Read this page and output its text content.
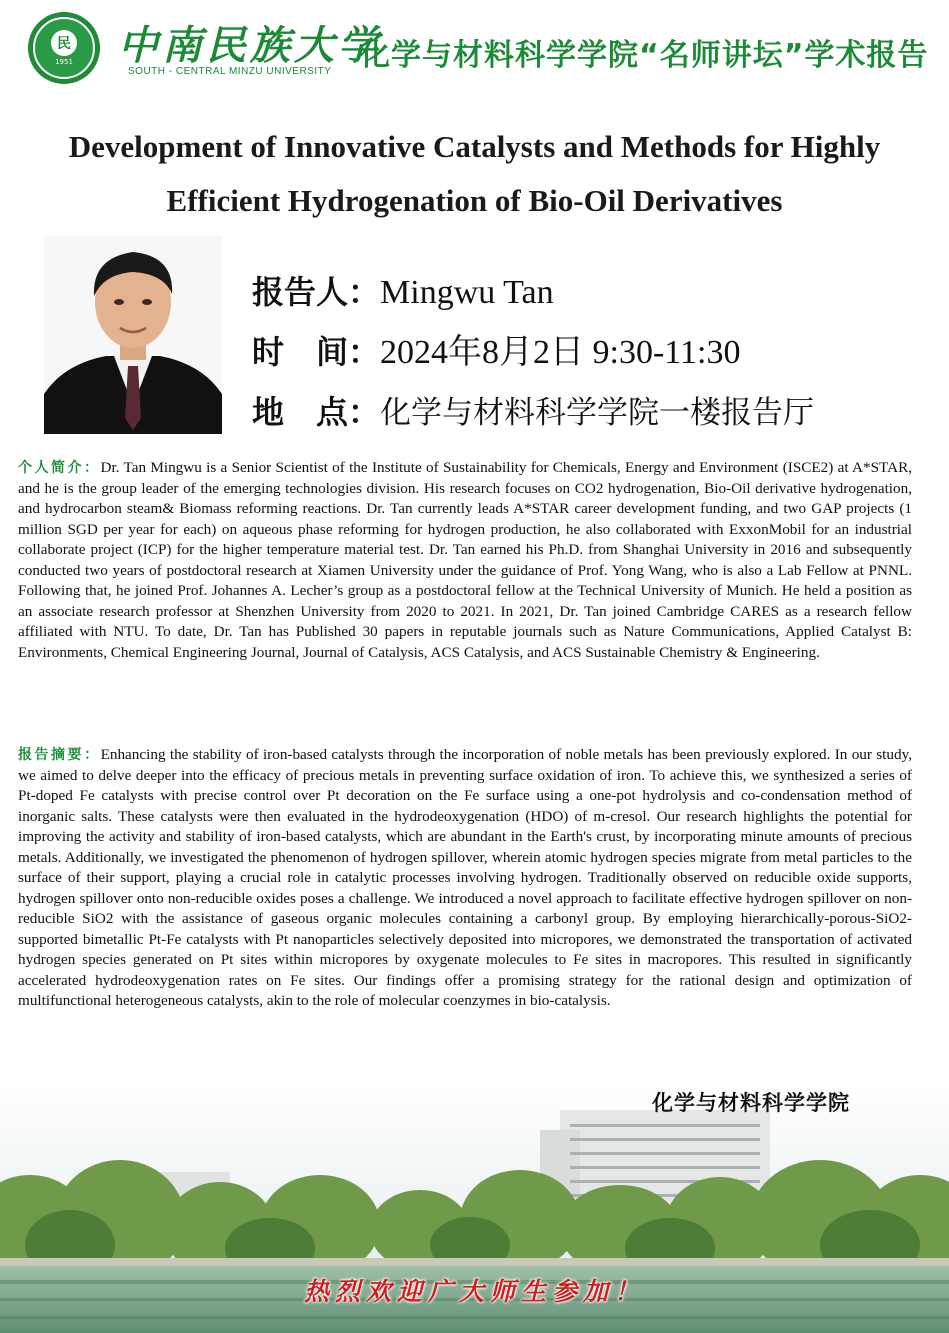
民
1951 中南民族大学
SOUTH - CENTRAL MINZU UNIVERSITY 化学与材料科学学院“名师讲坛”学术报告
Development of Innovative Catalysts and Methods for Highly
Efficient Hydrogenation of Bio-Oil Derivatives
报告人：Mingwu Tan
时　间：2024年8月2日 9:30-11:30
地　点：化学与材料科学学院一楼报告厅
个人简介：Dr. Tan Mingwu is a Senior Scientist of the Institute of Sustainability for Chemicals, Energy and Environment (ISCE2) at A*STAR, and he is the group leader of the emerging technologies division. His research focuses on CO2 hydrogenation, Bio-Oil derivative hydrogenation, and hydrocarbon steam& Biomass reforming reactions. Dr. Tan currently leads A*STAR career development funding, and two GAP projects (1 million SGD per year for each) on aqueous phase reforming for hydrogen production, he also collaborated with ExxonMobil for an industrial collaborate project (ICP) for the higher temperature material test. Dr. Tan earned his Ph.D. from Shanghai University in 2016 and subsequently conducted two years of postdoctoral research at Xiamen University under the guidance of Prof. Yong Wang, who is also a Lab Fellow at PNNL. Following that, he joined Prof. Johannes A. Lecher’s group as a postdoctoral fellow at the Technical University of Munich. He held a position as an associate research professor at Shenzhen University from 2020 to 2021. In 2021, Dr. Tan joined Cambridge CARES as a research fellow affiliated with NTU. To date, Dr. Tan has Published 30 papers in reputable journals such as Nature Communications, Applied Catalyst B: Environments, Chemical Engineering Journal, Journal of Catalysis, ACS Catalysis, and ACS Sustainable Chemistry & Engineering.
报告摘要：Enhancing the stability of iron-based catalysts through the incorporation of noble metals has been previously explored. In our study, we aimed to delve deeper into the efficacy of precious metals in preventing surface oxidation of iron. To achieve this, we synthesized a series of Pt-doped Fe catalysts with precise control over Pt decoration on the Fe surface using a one-pot hydrolysis and co-condensation method of inorganic salts. These catalysts were then evaluated in the hydrodeoxygenation (HDO) of m-cresol. Our research highlights the potential for improving the activity and stability of iron-based catalysts, which are abundant in the Earth's crust, by incorporating minute amounts of precious metals. Additionally, we investigated the phenomenon of hydrogen spillover, wherein atomic hydrogen species migrate from metal particles to the surface of their support, playing a crucial role in catalytic processes involving hydrogen. Traditionally observed on reducible oxide supports, hydrogen spillover onto non-reducible oxides poses a challenge. We introduced a novel approach to facilitate effective hydrogen spillover on non-reducible SiO2 with the assistance of gaseous organic molecules containing a carbonyl group. By employing hierarchically-porous-SiO2-supported bimetallic Pt-Fe catalysts with Pt nanoparticles selectively deposited into micropores, we demonstrated the transportation of activated hydrogen species generated on Pt sites within micropores by oxygenate molecules to Fe sites in macropores. This resulted in significantly accelerated hydrodeoxygenation rates on Fe sites. Our findings offer a promising strategy for the rational design and optimization of multifunctional heterogeneous catalysts, akin to the role of molecular coenzymes in bio-catalysis.
化学与材料科学学院
热烈欢迎广大师生参加！
